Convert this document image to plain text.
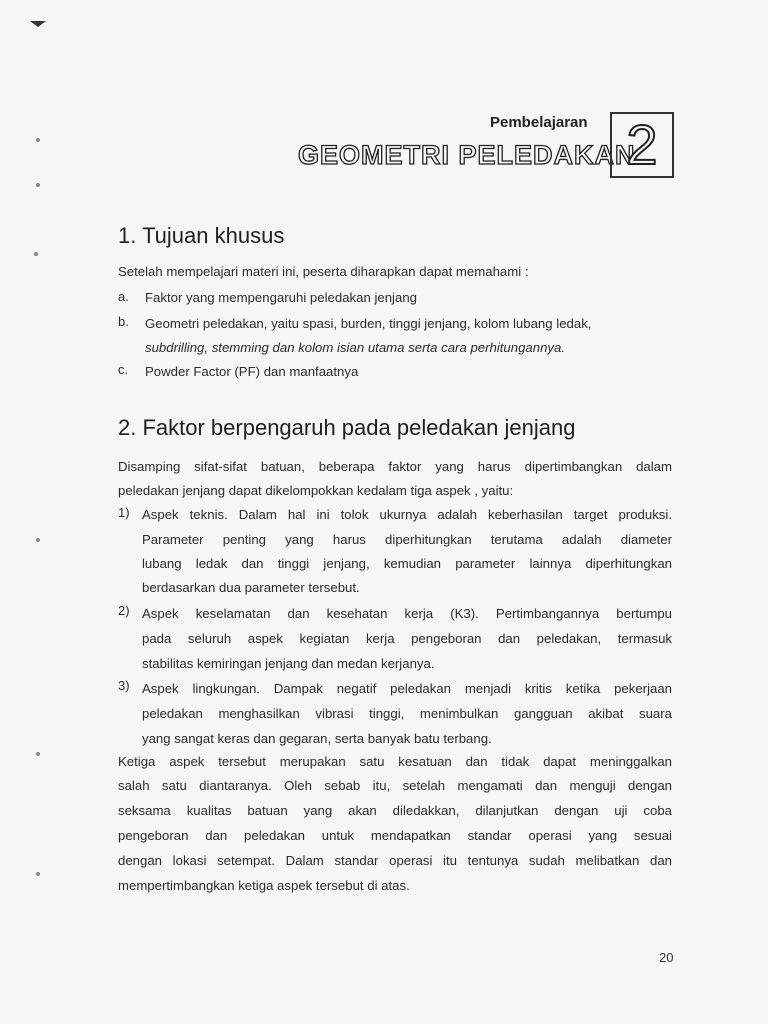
Pembelajaran
GEOMETRI PELEDAKAN
2
1. Tujuan khusus
Setelah mempelajari materi ini, peserta diharapkan dapat memahami :
a. Faktor yang mempengaruhi peledakan jenjang
b. Geometri peledakan, yaitu spasi, burden, tinggi jenjang, kolom lubang ledak,
subdrilling, stemming dan kolom isian utama serta cara perhitungannya.
c. Powder Factor (PF) dan manfaatnya
2. Faktor berpengaruh pada peledakan jenjang
Disamping sifat-sifat batuan, beberapa faktor yang harus dipertimbangkan dalam
peledakan jenjang dapat dikelompokkan kedalam tiga aspek , yaitu:
1) Aspek teknis. Dalam hal ini tolok ukurnya adalah keberhasilan target produksi.
Parameter penting yang harus diperhitungkan terutama adalah diameter
lubang ledak dan tinggi jenjang, kemudian parameter lainnya diperhitungkan
berdasarkan dua parameter tersebut.
2) Aspek keselamatan dan kesehatan kerja (K3). Pertimbangannya bertumpu
pada seluruh aspek kegiatan kerja pengeboran dan peledakan, termasuk
stabilitas kemiringan jenjang dan medan kerjanya.
3) Aspek lingkungan. Dampak negatif peledakan menjadi kritis ketika pekerjaan
peledakan menghasilkan vibrasi tinggi, menimbulkan gangguan akibat suara
yang sangat keras dan gegaran, serta banyak batu terbang.
Ketiga aspek tersebut merupakan satu kesatuan dan tidak dapat meninggalkan
salah satu diantaranya. Oleh sebab itu, setelah mengamati dan menguji dengan
seksama kualitas batuan yang akan diledakkan, dilanjutkan dengan uji coba
pengeboran dan peledakan untuk mendapatkan standar operasi yang sesuai
dengan lokasi setempat. Dalam standar operasi itu tentunya sudah melibatkan dan
mempertimbangkan ketiga aspek tersebut di atas.
20
